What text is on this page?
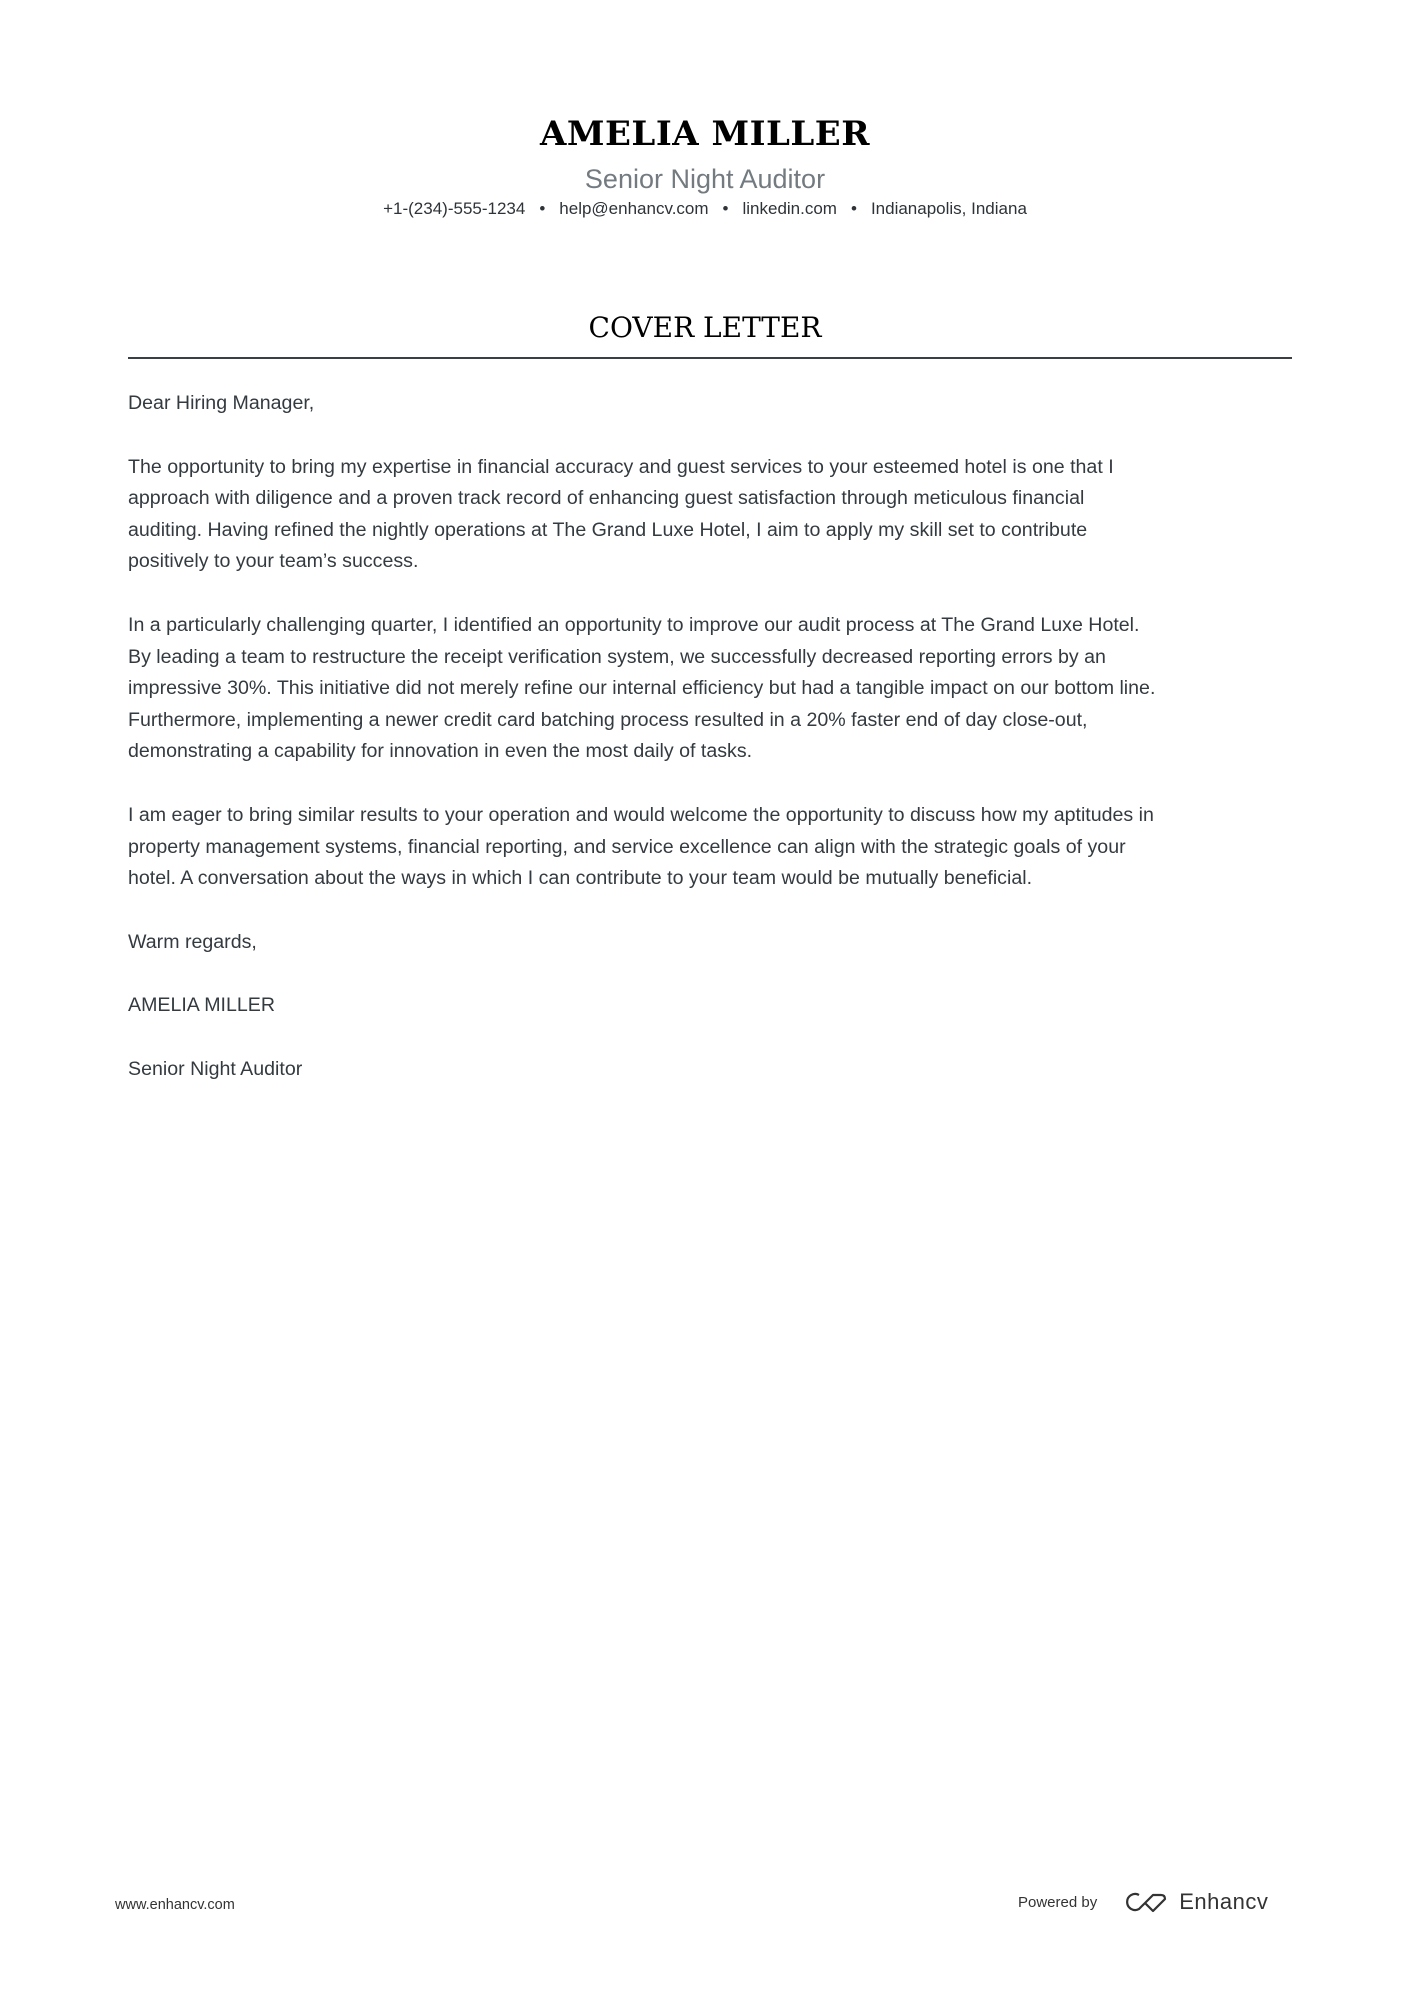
AMELIA MILLER
Senior Night Auditor
+1-(234)-555-1234 • help@enhancv.com • linkedin.com • Indianapolis, Indiana
COVER LETTER

Dear Hiring Manager,

The opportunity to bring my expertise in financial accuracy and guest services to your esteemed hotel is one that I
approach with diligence and a proven track record of enhancing guest satisfaction through meticulous financial
auditing. Having refined the nightly operations at The Grand Luxe Hotel, I aim to apply my skill set to contribute
positively to your team’s success.

In a particularly challenging quarter, I identified an opportunity to improve our audit process at The Grand Luxe Hotel.
By leading a team to restructure the receipt verification system, we successfully decreased reporting errors by an
impressive 30%. This initiative did not merely refine our internal efficiency but had a tangible impact on our bottom line.
Furthermore, implementing a newer credit card batching process resulted in a 20% faster end of day close-out,
demonstrating a capability for innovation in even the most daily of tasks.

I am eager to bring similar results to your operation and would welcome the opportunity to discuss how my aptitudes in
property management systems, financial reporting, and service excellence can align with the strategic goals of your
hotel. A conversation about the ways in which I can contribute to your team would be mutually beneficial.

Warm regards,

AMELIA MILLER

Senior Night Auditor

www.enhancv.com	Powered by	Enhancv
